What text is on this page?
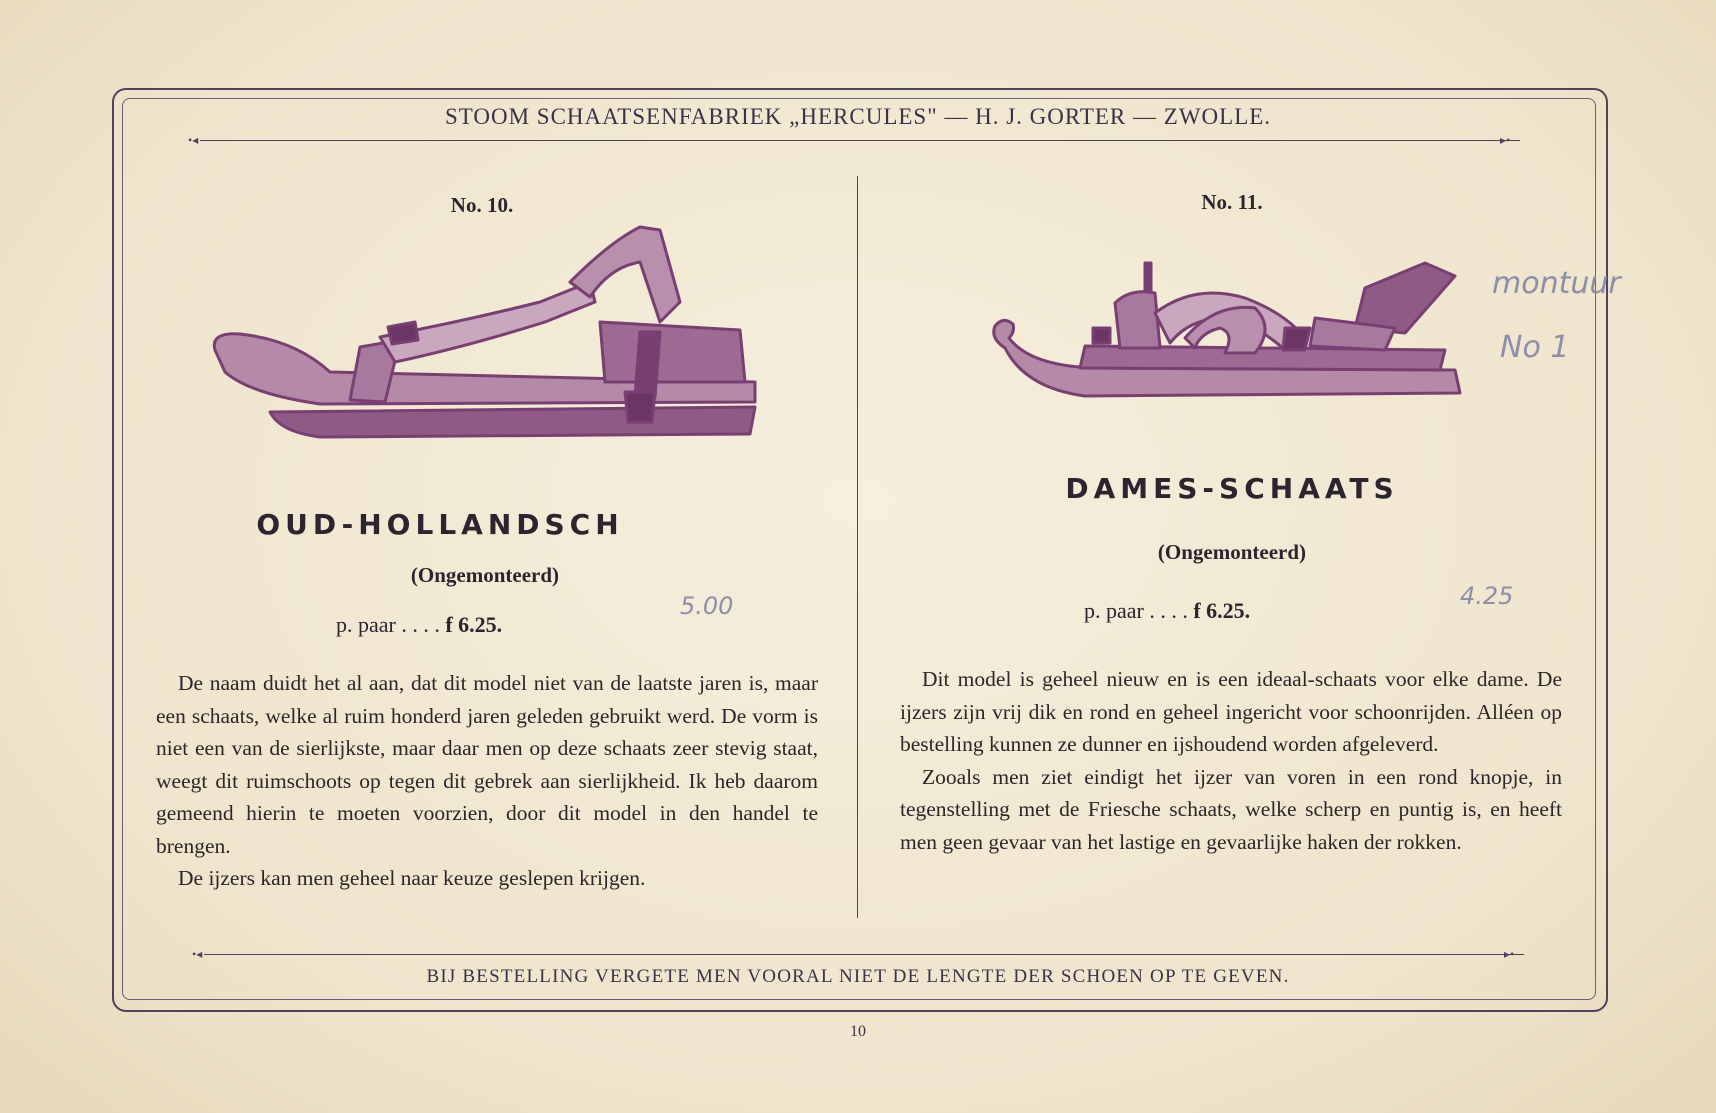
STOOM SCHAATSENFABRIEK „HERCULES" — H. J. GORTER — ZWOLLE.
•◂	▸•
No. 10.
OUD-HOLLANDSCH
(Ongemonteerd)
p. paar . . . . f 6.25.
5.00

De naam duidt het al aan, dat dit model niet van de laatste jaren is, maar een schaats, welke al ruim honderd jaren geleden gebruikt werd. De vorm is niet een van de sierlijkste, maar daar men op deze schaats zeer stevig staat, weegt dit ruimschoots op tegen dit gebrek aan sierlijkheid. Ik heb daarom gemeend hierin te moeten voorzien, door dit model in den handel te brengen.

De ijzers kan men geheel naar keuze geslepen krijgen.

No. 11.
montuur
No 1
DAMES-SCHAATS
(Ongemonteerd)
p. paar . . . . f 6.25.
4.25

Dit model is geheel nieuw en is een ideaal-schaats voor elke dame. De ijzers zijn vrij dik en rond en geheel ingericht voor schoonrijden. Alléen op bestelling kunnen ze dunner en ijshoudend worden afgeleverd.

Zooals men ziet eindigt het ijzer van voren in een rond knopje, in tegenstelling met de Friesche schaats, welke scherp en puntig is, en heeft men geen gevaar van het lastige en gevaarlijke haken der rokken.

•◂	▸•
BIJ BESTELLING VERGETE MEN VOORAL NIET DE LENGTE DER SCHOEN OP TE GEVEN.
10
